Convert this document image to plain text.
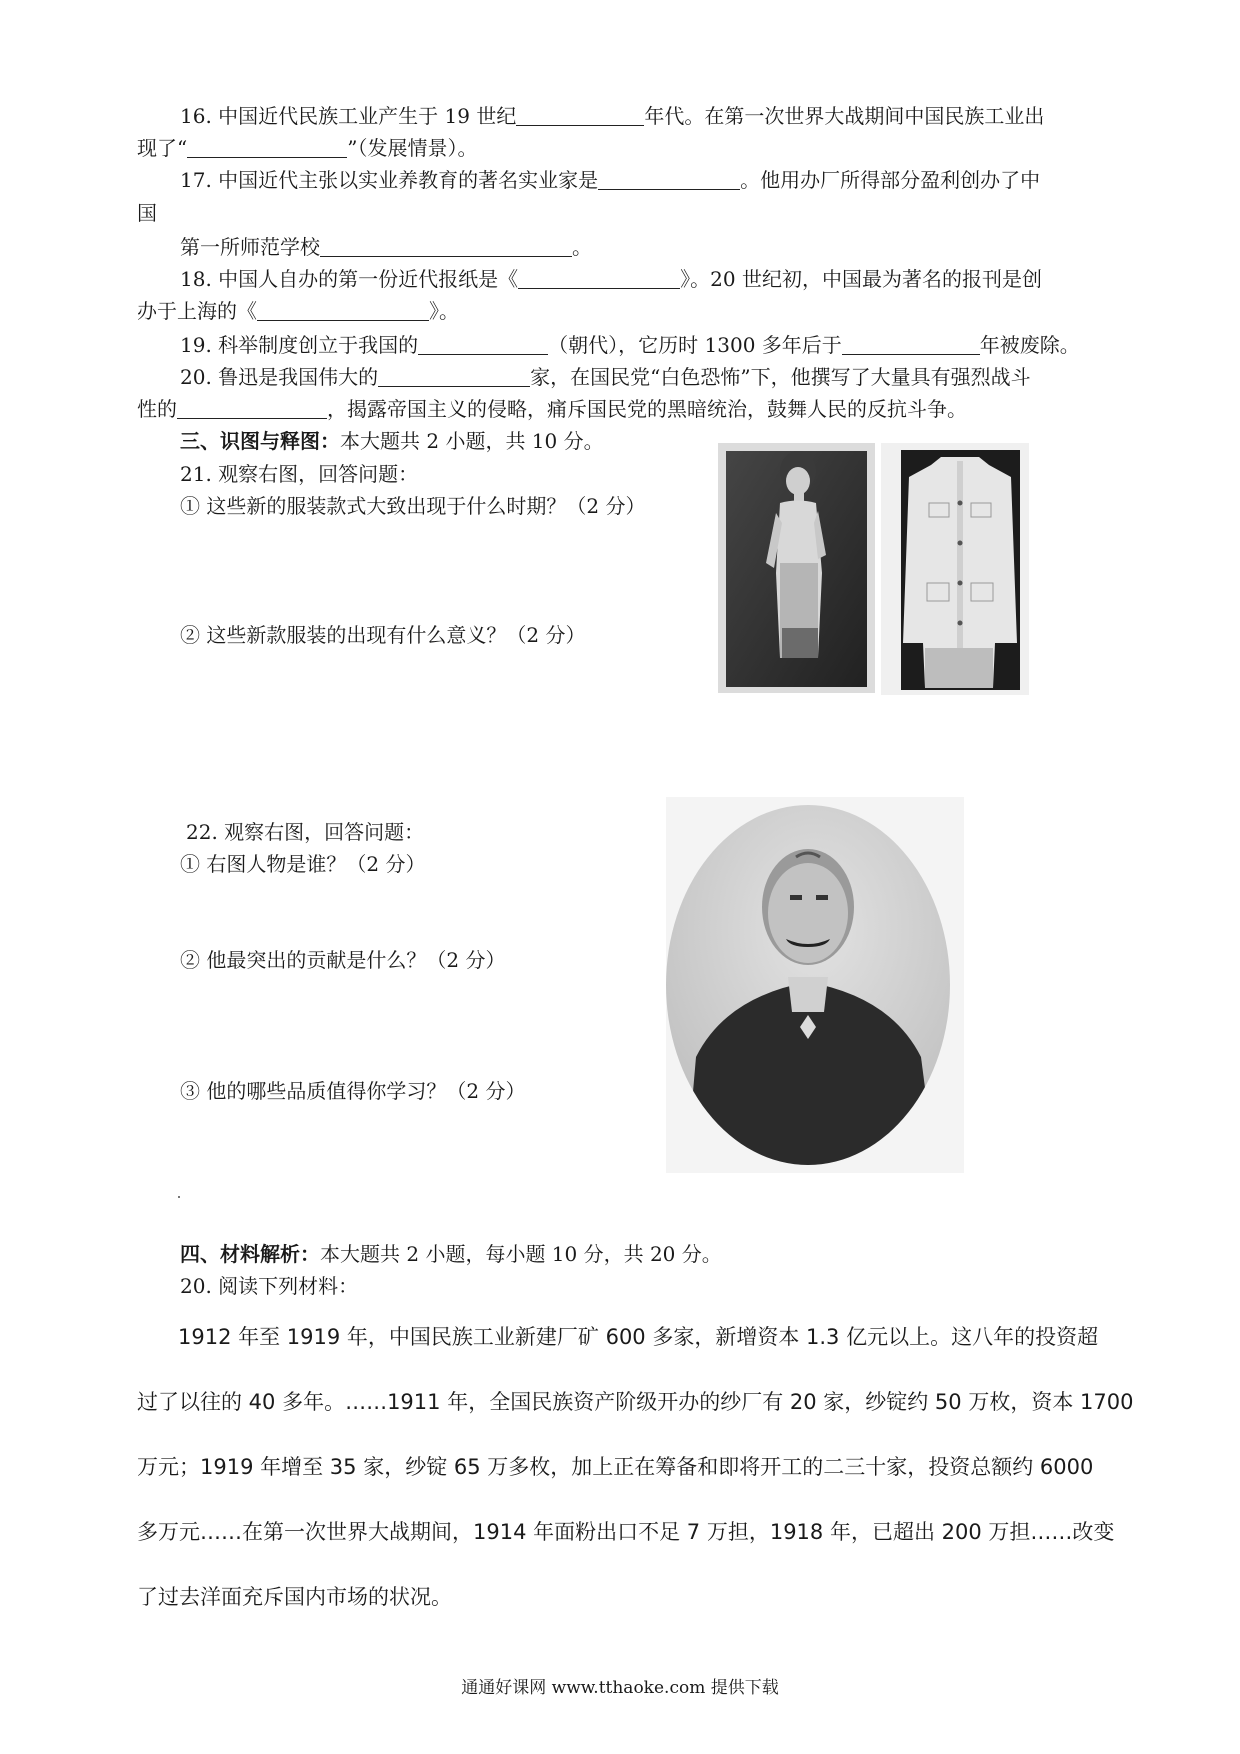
16. 中国近代民族工业产生于 19 世纪	年代。在第一次世界大战期间中国民族工业出
现了“	”（发展情景）。
17. 中国近代主张以实业养教育的著名实业家是	。他用办厂所得部分盈利创办了中
国
第一所师范学校	。
18. 中国人自办的第一份近代报纸是《	》。20 世纪初，中国最为著名的报刊是创
办于上海的《	》。
19. 科举制度创立于我国的	（朝代），它历时 1300 多年后于	年被废除。
20. 鲁迅是我国伟大的	家，在国民党“白色恐怖”下，他撰写了大量具有强烈战斗
性的	，揭露帝国主义的侵略，痛斥国民党的黑暗统治，鼓舞人民的反抗斗争。
三、识图与释图：本大题共 2 小题，共 10 分。
21. 观察右图，回答问题：
① 这些新的服装款式大致出现于什么时期？（2 分）
② 这些新款服装的出现有什么意义？（2 分）
22. 观察右图，回答问题：
① 右图人物是谁？（2 分）
② 他最突出的贡献是什么？（2 分）
③ 他的哪些品质值得你学习？（2 分）
四、材料解析：本大题共 2 小题，每小题 10 分，共 20 分。
20. 阅读下列材料：
1912 年至 1919 年，中国民族工业新建厂矿 600 多家，新增资本 1.3 亿元以上。这八年的投资超
过了以往的 40 多年。……1911 年，全国民族资产阶级开办的纱厂有 20 家，纱锭约 50 万枚，资本 1700
万元；1919 年增至 35 家，纱锭 65 万多枚，加上正在筹备和即将开工的二三十家，投资总额约 6000
多万元……在第一次世界大战期间，1914 年面粉出口不足 7 万担，1918 年，已超出 200 万担……改变
了过去洋面充斥国内市场的状况。
通通好课网 www.tthaoke.com 提供下载
